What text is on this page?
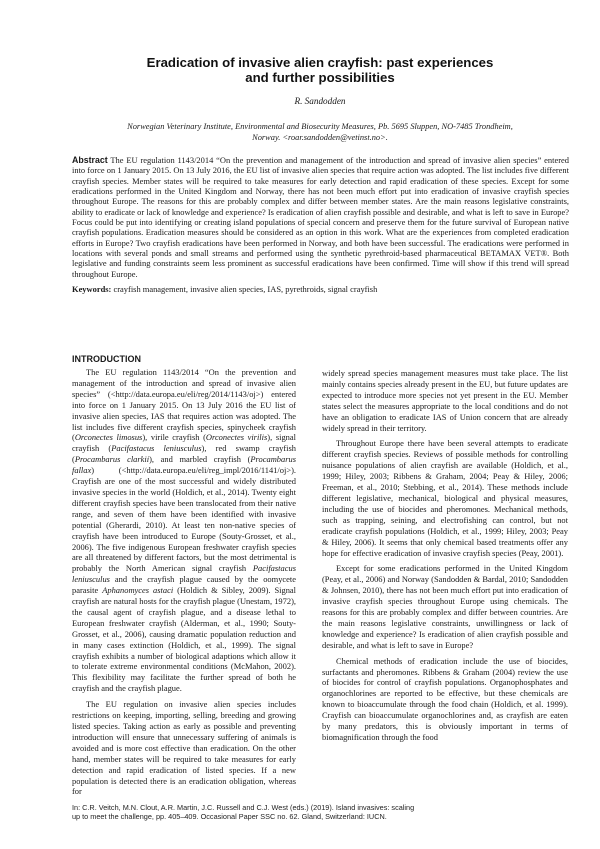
Eradication of invasive alien crayfish: past experiences
and further possibilities
R. Sandodden
Norwegian Veterinary Institute, Environmental and Biosecurity Measures, Pb. 5695 Sluppen, NO-7485 Trondheim,
Norway. <roar.sandodden@vetinst.no>.
Abstract The EU regulation 1143/2014 “On the prevention and management of the introduction and spread of invasive alien species” entered into force on 1 January 2015. On 13 July 2016, the EU list of invasive alien species that require action was adopted. The list includes five different crayfish species. Member states will be required to take measures for early detection and rapid eradication of these species. Except for some eradications performed in the United Kingdom and Norway, there has not been much effort put into eradication of invasive crayfish species throughout Europe. The reasons for this are probably complex and differ between member states. Are the main reasons legislative constraints, ability to eradicate or lack of knowledge and experience? Is eradication of alien crayfish possible and desirable, and what is left to save in Europe? Focus could be put into identifying or creating island populations of special concern and preserve them for the future survival of European native crayfish populations. Eradication measures should be considered as an option in this work. What are the experiences from completed eradication efforts in Europe? Two crayfish eradications have been performed in Norway, and both have been successful. The eradications were performed in locations with several ponds and small streams and performed using the synthetic pyrethroid-based pharmaceutical BETAMAX VET®. Both legislative and funding constraints seem less prominent as successful eradications have been confirmed. Time will show if this trend will spread throughout Europe.
Keywords: crayfish management, invasive alien species, IAS, pyrethroids, signal crayfish
INTRODUCTION

The EU regulation 1143/2014 “On the prevention and management of the introduction and spread of invasive alien species” (<http://data.europa.eu/eli/reg/2014/1143/oj>) entered into force on 1 January 2015. On 13 July 2016 the EU list of invasive alien species, IAS that requires action was adopted. The list includes five different crayfish species, spinycheek crayfish (Orconectes limosus), virile crayfish (Orconectes virilis), signal crayfish (Pacifastacus leniusculus), red swamp crayfish (Procambarus clarkii), and marbled crayfish (Procambarus fallax) (<http://data.europa.eu/eli/reg_impl/2016/1141/oj>). Crayfish are one of the most successful and widely distributed invasive species in the world (Holdich, et al., 2014). Twenty eight different crayfish species have been translocated from their native range, and seven of them have been identified with invasive potential (Gherardi, 2010). At least ten non-native species of crayfish have been introduced to Europe (Souty-Grosset, et al., 2006). The five indigenous European freshwater crayfish species are all threatened by different factors, but the most detrimental is probably the North American signal crayfish Pacifastacus leniusculus and the crayfish plague caused by the oomycete parasite Aphanomyces astaci (Holdich & Sibley, 2009). Signal crayfish are natural hosts for the crayfish plague (Unestam, 1972), the causal agent of crayfish plague, and a disease lethal to European freshwater crayfish (Alderman, et al., 1990; Souty-Grosset, et al., 2006), causing dramatic population reduction and in many cases extinction (Holdich, et al., 1999). The signal crayfish exhibits a number of biological adaptions which allow it to tolerate extreme environmental conditions (McMahon, 2002). This flexibility may facilitate the further spread of both he crayfish and the crayfish plague.

The EU regulation on invasive alien species includes restrictions on keeping, importing, selling, breeding and growing listed species. Taking action as early as possible and preventing introduction will ensure that unnecessary suffering of animals is avoided and is more cost effective than eradication. On the other hand, member states will be required to take measures for early detection and rapid eradication of listed species. If a new population is detected there is an eradication obligation, whereas for

widely spread species management measures must take place. The list mainly contains species already present in the EU, but future updates are expected to introduce more species not yet present in the EU. Member states select the measures appropriate to the local conditions and do not have an obligation to eradicate IAS of Union concern that are already widely spread in their territory.

Throughout Europe there have been several attempts to eradicate different crayfish species. Reviews of possible methods for controlling nuisance populations of alien crayfish are available (Holdich, et al., 1999; Hiley, 2003; Ribbens & Graham, 2004; Peay & Hiley, 2006; Freeman, et al., 2010; Stebbing, et al., 2014). These methods include different legislative, mechanical, biological and physical measures, including the use of biocides and pheromones. Mechanical methods, such as trapping, seining, and electrofishing can control, but not eradicate crayfish populations (Holdich, et al., 1999; Hiley, 2003; Peay & Hiley, 2006). It seems that only chemical based treatments offer any hope for effective eradication of invasive crayfish species (Peay, 2001).

Except for some eradications performed in the United Kingdom (Peay, et al., 2006) and Norway (Sandodden & Bardal, 2010; Sandodden & Johnsen, 2010), there has not been much effort put into eradication of invasive crayfish species throughout Europe using chemicals. The reasons for this are probably complex and differ between countries. Are the main reasons legislative constraints, unwillingness or lack of knowledge and experience? Is eradication of alien crayfish possible and desirable, and what is left to save in Europe?

Chemical methods of eradication include the use of biocides, surfactants and pheromones. Ribbens & Graham (2004) review the use of biocides for control of crayfish populations. Organophosphates and organochlorines are reported to be effective, but these chemicals are known to bioaccumulate through the food chain (Holdich, et al. 1999). Crayfish can bioaccumulate organochlorines and, as crayfish are eaten by many predators, this is obviously important in terms of biomagnification through the food

In: C.R. Veitch, M.N. Clout, A.R. Martin, J.C. Russell and C.J. West (eds.) (2019). Island invasives: scaling
up to meet the challenge, pp. 405–409. Occasional Paper SSC no. 62. Gland, Switzerland: IUCN.
